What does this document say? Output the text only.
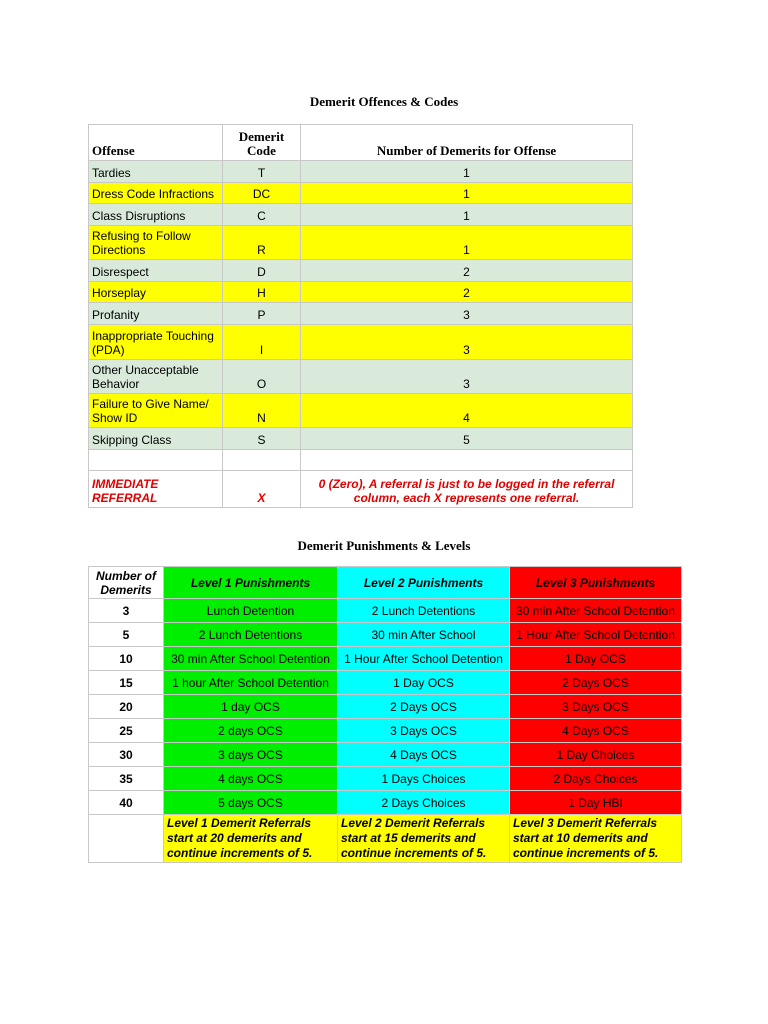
Demerit Offences & Codes
Offense	Demerit Code	Number of Demerits for Offense
Tardies	T	1
Dress Code Infractions	DC	1
Class Disruptions	C	1
Refusing to Follow Directions	R	1
Disrespect	D	2
Horseplay	H	2
Profanity	P	3
Inappropriate Touching (PDA)	I	3
Other Unacceptable Behavior	O	3
Failure to Give Name/ Show ID	N	4
Skipping Class	S	5

IMMEDIATE REFERRAL	X	0 (Zero), A referral is just to be logged in the referral column, each X represents one referral.
Demerit Punishments & Levels
Number of Demerits	Level 1 Punishments	Level 2 Punishments	Level 3 Punishments
3	Lunch Detention	2 Lunch Detentions	30 min After School Detention
5	2 Lunch Detentions	30 min After School	1 Hour After School Detention
10	30 min After School Detention	1 Hour After School Detention	1 Day OCS
15	1 hour After School Detention	1 Day OCS	2 Days OCS
20	1 day OCS	2 Days OCS	3 Days OCS
25	2 days OCS	3 Days OCS	4 Days OCS
30	3 days OCS	4 Days OCS	1 Day Choices
35	4 days OCS	1 Days Choices	2 Days Choices
40	5 days OCS	2 Days Choices	1 Day HBI
	Level 1 Demerit Referrals start at 20 demerits and continue increments of 5.	Level 2 Demerit Referrals start at 15 demerits and continue increments of 5.	Level 3 Demerit Referrals start at 10 demerits and continue increments of 5.
